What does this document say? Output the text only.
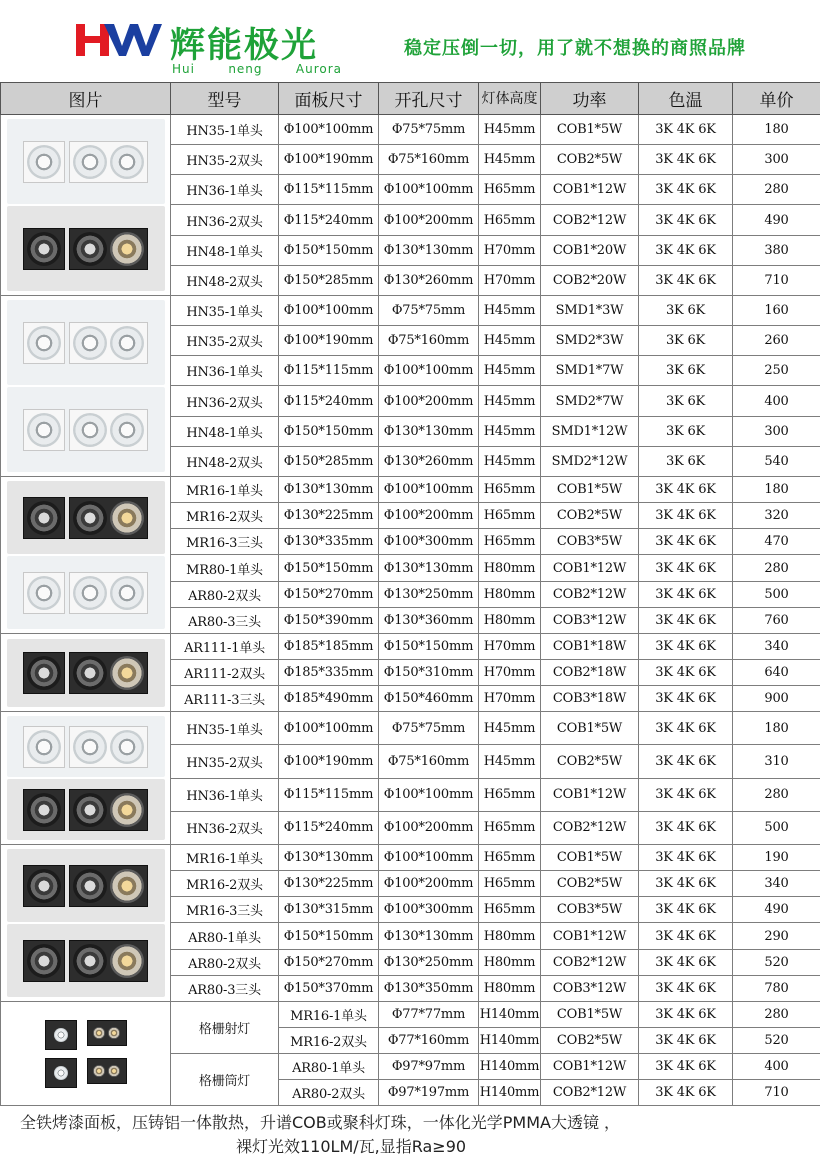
辉能极光
Hui	neng	Aurora
稳定压倒一切，用了就不想换的商照品牌
图片	型号	面板尺寸	开孔尺寸	灯体高度	功率	色温	单价

	HN35-1单头	Φ100*100mm	Φ75*75mm	H45mm	COB1*5W	3K 4K 6K	180
	HN35-2双头	Φ100*190mm	Φ75*160mm	H45mm	COB2*5W	3K 4K 6K	300
	HN36-1单头	Φ115*115mm	Φ100*100mm	H65mm	COB1*12W	3K 4K 6K	280
	HN36-2双头	Φ115*240mm	Φ100*200mm	H65mm	COB2*12W	3K 4K 6K	490
	HN48-1单头	Φ150*150mm	Φ130*130mm	H70mm	COB1*20W	3K 4K 6K	380
	HN48-2双头	Φ150*285mm	Φ130*260mm	H70mm	COB2*20W	3K 4K 6K	710

	HN35-1单头	Φ100*100mm	Φ75*75mm	H45mm	SMD1*3W	3K 6K	160
	HN35-2双头	Φ100*190mm	Φ75*160mm	H45mm	SMD2*3W	3K 6K	260
	HN36-1单头	Φ115*115mm	Φ100*100mm	H45mm	SMD1*7W	3K 6K	250
	HN36-2双头	Φ115*240mm	Φ100*200mm	H45mm	SMD2*7W	3K 6K	400
	HN48-1单头	Φ150*150mm	Φ130*130mm	H45mm	SMD1*12W	3K 6K	300
	HN48-2双头	Φ150*285mm	Φ130*260mm	H45mm	SMD2*12W	3K 6K	540

	MR16-1单头	Φ130*130mm	Φ100*100mm	H65mm	COB1*5W	3K 4K 6K	180
	MR16-2双头	Φ130*225mm	Φ100*200mm	H65mm	COB2*5W	3K 4K 6K	320
	MR16-3三头	Φ130*335mm	Φ100*300mm	H65mm	COB3*5W	3K 4K 6K	470
	MR80-1单头	Φ150*150mm	Φ130*130mm	H80mm	COB1*12W	3K 4K 6K	280
	AR80-2双头	Φ150*270mm	Φ130*250mm	H80mm	COB2*12W	3K 4K 6K	500
	AR80-3三头	Φ150*390mm	Φ130*360mm	H80mm	COB3*12W	3K 4K 6K	760

	AR111-1单头	Φ185*185mm	Φ150*150mm	H70mm	COB1*18W	3K 4K 6K	340
	AR111-2双头	Φ185*335mm	Φ150*310mm	H70mm	COB2*18W	3K 4K 6K	640
	AR111-3三头	Φ185*490mm	Φ150*460mm	H70mm	COB3*18W	3K 4K 6K	900

	HN35-1单头	Φ100*100mm	Φ75*75mm	H45mm	COB1*5W	3K 4K 6K	180
	HN35-2双头	Φ100*190mm	Φ75*160mm	H45mm	COB2*5W	3K 4K 6K	310
	HN36-1单头	Φ115*115mm	Φ100*100mm	H65mm	COB1*12W	3K 4K 6K	280
	HN36-2双头	Φ115*240mm	Φ100*200mm	H65mm	COB2*12W	3K 4K 6K	500

	MR16-1单头	Φ130*130mm	Φ100*100mm	H65mm	COB1*5W	3K 4K 6K	190
	MR16-2双头	Φ130*225mm	Φ100*200mm	H65mm	COB2*5W	3K 4K 6K	340
	MR16-3三头	Φ130*315mm	Φ100*300mm	H65mm	COB3*5W	3K 4K 6K	490
	AR80-1单头	Φ150*150mm	Φ130*130mm	H80mm	COB1*12W	3K 4K 6K	290
	AR80-2双头	Φ150*270mm	Φ130*250mm	H80mm	COB2*12W	3K 4K 6K	520
	AR80-3三头	Φ150*370mm	Φ130*350mm	H80mm	COB3*12W	3K 4K 6K	780

	格栅射灯	MR16-1单头	Φ77*77mm	H140mm	COB1*5W	3K 4K 6K	280
		MR16-2双头	Φ77*160mm	H140mm	COB2*5W	3K 4K 6K	520
	格栅筒灯	AR80-1单头	Φ97*97mm	H140mm	COB1*12W	3K 4K 6K	400
		AR80-2双头	Φ97*197mm	H140mm	COB2*12W	3K 4K 6K	710
全铁烤漆面板，压铸铝一体散热，升谱COB或聚科灯珠，一体化光学PMMA大透镜 ，
裸灯光效110LM/瓦,显指Ra≥90
